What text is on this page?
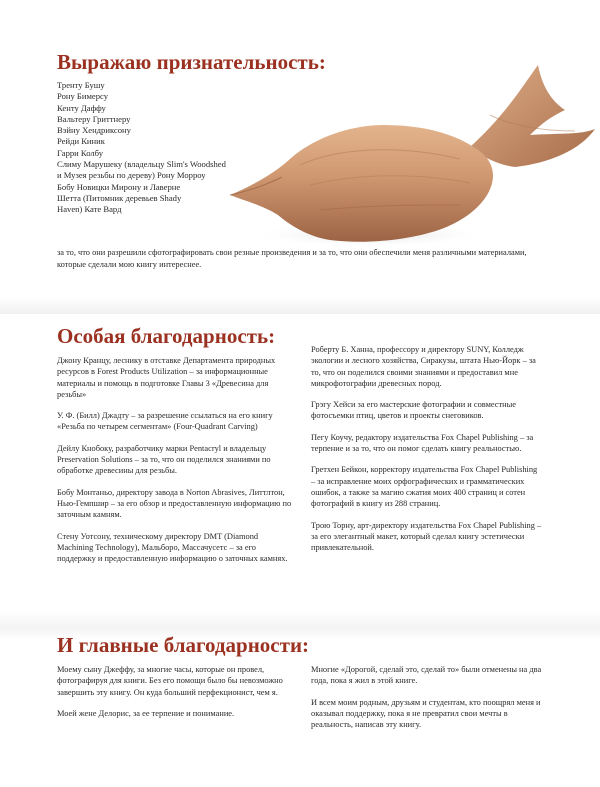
Выражаю признательность:
Тренту Бушу
Рону Бимерсу
Кенту Даффу
Вальтеру Гриттнеру
Вэйну Хендриксону
Рейди Киник
Гарри Колбу
Слиму Марушеку (владельцу Slim's Woodshed
и Музея резьбы по дереву) Рону Морроу
Бобу Новицки Мирону и Лаверне
Шетта (Питомник деревьев Shady
Haven) Кате Вард

за то, что они разрешили сфотографировать свои резные произведения и за то, что они обеспечили меня различными материалами, которые сделали мою книгу интереснее.

Особая благодарность:

Джону Кранцу, леснику в отставке Департамента природных ресурсов в Forest Products Utilization – за информационные материалы и помощь в подготовке Главы 3 «Древесина для резьбы»

У. Ф. (Билл) Джадту – за разрешение ссылаться на его книгу «Резьба по четырем сегментам» (Four-Quadrant Carving)

Дейлу Кнобоку, разработчику марки Pentacryl и владельцу Preservation Solutions – за то, что он поделился знаниями по обработке древесины для резьбы.

Бобу Монтаньо, директору завода в Norton Abrasives, Литтлтон, Нью-Гемпшир – за его обзор и предоставленную информацию по заточным камням.

Стену Уотсону, техническому директору DMT (Diamond Machining Technology), Мальборо, Массачусетс – за его поддержку и предоставленную информацию о заточных камнях.

Роберту Б. Ханна, профессору и директору SUNY, Колледж экологии и лесного хозяйства, Сиракузы, штата Нью-Йорк – за то, что он поделился своими знаниями и предоставил мне микрофотографии древесных пород.

Грэгу Хейси за его мастерские фотографии и совместные фотосъемки птиц, цветов и проекты снеговиков.

Пегу Коучу, редактору издательства Fox Chapel Publishing – за терпение и за то, что он помог сделать книгу реальностью.

Гретхен Бейкон, корректору издательства Fox Chapel Publishing – за исправление моих орфографических и грамматических ошибок, а также за магию сжатия моих 400 страниц и сотен фотографий в книгу из 288 страниц.

Трою Торну, арт-директору издательства Fox Chapel Publishing – за его элегантный макет, который сделал книгу эстетически привлекательной.

И главные благодарности:

Моему сыну Джеффу, за многие часы, которые он провел, фотографируя для книги. Без его помощи было бы невозможно завершить эту книгу. Он куда больший перфекционист, чем я.

Моей жене Делорис, за ее терпение и понимание.

Многие «Дорогой, сделай это, сделай то» были отменены на два года, пока я жил в этой книге.

И всем моим родным, друзьям и студентам, кто поощрял меня и оказывал поддержку, пока я не превратил свои мечты в реальность, написав эту книгу.
